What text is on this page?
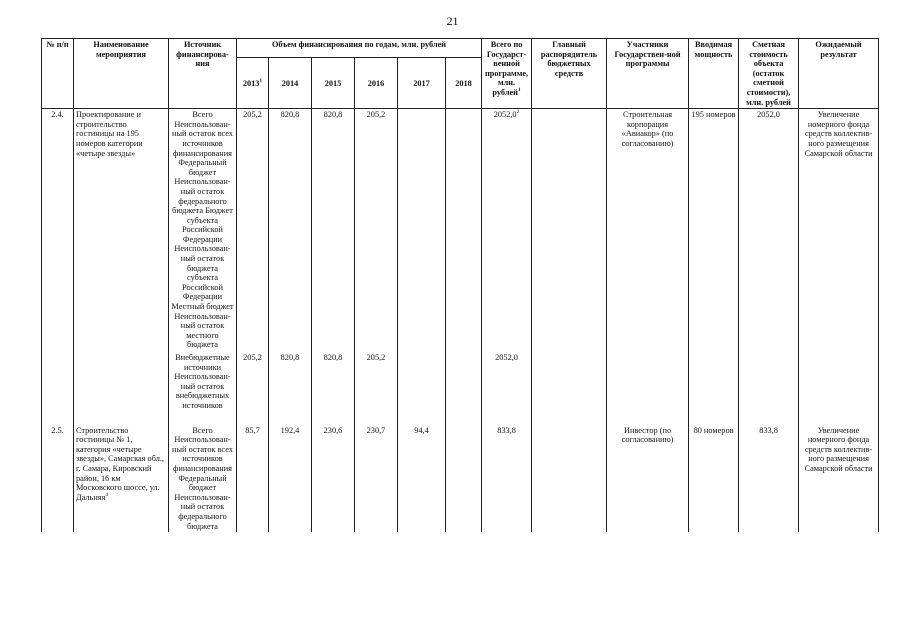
21
№ п/п	Наименование мероприятия	Источник финансирова-ния	Объем финансирования по годам, млн. рублей						Всего по Государст-венной программе, млн. рублей$^1$	Главный распорядитель бюджетных средств	Участники Государствен-ной программы	Вводимая мощность	Сметная стоимость объекта (остаток сметной стоимости), млн. рублей	Ожидаемый результат
			2013$^1$	2014	2015	2016	2017	2018						
2.4.	Проектирование и строительство гостиницы на 195 номеров категории «четыре звезды»	Всего Неиспользован-ный остаток всех источников финансирования Федеральный бюджет Неиспользован-ный остаток федерального бюджета Бюджет субъекта Российской Федерации Неиспользован-ный остаток бюджета субъекта Российской Федерации Местный бюджет Неиспользован-ный остаток местного бюджета	205,2	820,8	820,8	205,2			2052,0$^2$		Строительная корпорация «Авиакор» (по согласованию)	195 номеров	2052,0	Увеличение номерного фонда средств коллектив-ного размещения Самарской области
		Внебюджетные источники Неиспользован-ный остаток внебюджетных источников	205,2	820,8	820,8	205,2			2052,0					

2.5.	Строительство гостиницы № 1, категория «четыре звезды», Самарская обл., г. Самара, Кировский район, 16 км Московского шоссе, ул. Дальняя$^4$	Всего Неиспользован-ный остаток всех источников финансирования Федеральный бюджет Неиспользован-ный остаток федерального бюджета	85,7	192,4	230,6	230,7	94,4		833,8		Инвестор (по согласованию)	80 номеров	833,8	Увеличение номерного фонда средств коллектив-ного размещения Самарской области
